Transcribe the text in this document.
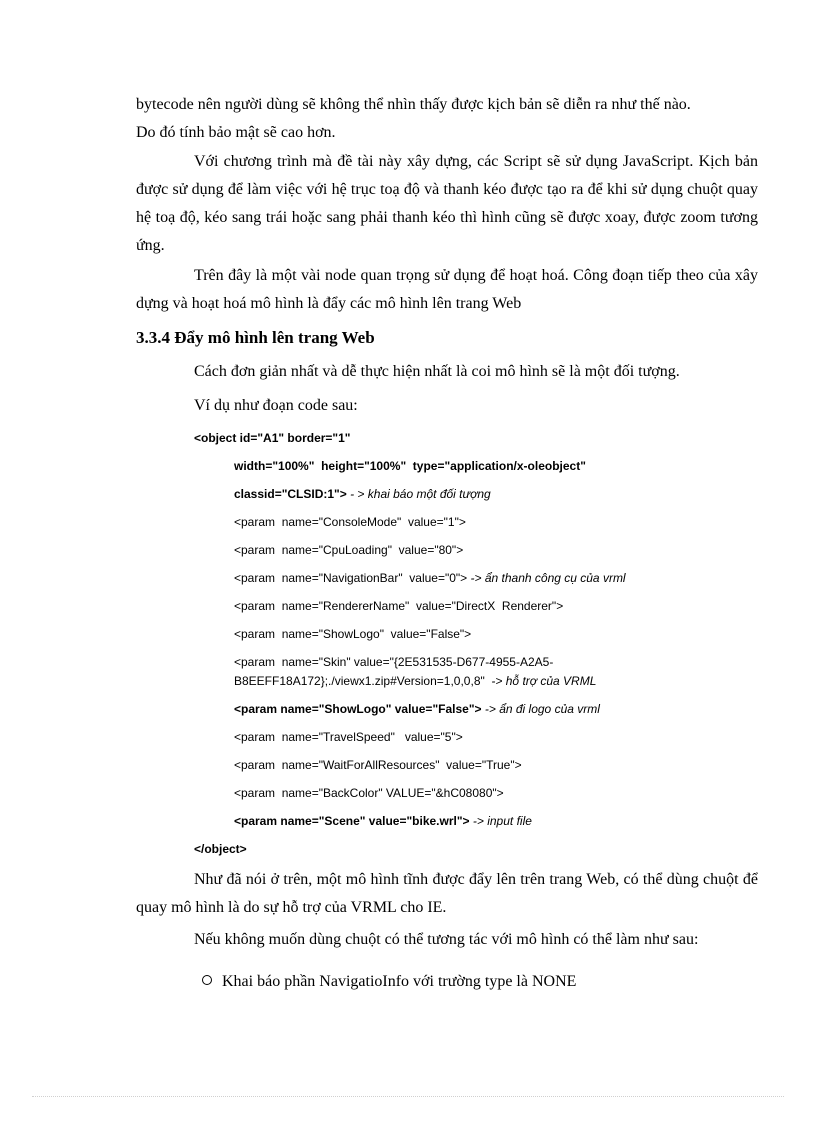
bytecode nên người dùng sẽ không thể nhìn thấy được kịch bản sẽ diễn ra như thế nào.
Do đó tính bảo mật sẽ cao hơn.
Với chương trình mà đề tài này xây dựng, các Script sẽ sử dụng JavaScript. Kịch bản được sử dụng để làm việc với hệ trục toạ độ và thanh kéo được tạo ra để khi sử dụng chuột quay hệ toạ độ, kéo sang trái hoặc sang phải thanh kéo thì hình cũng sẽ được xoay, được zoom tương ứng.
Trên đây là một vài node quan trọng sử dụng để hoạt hoá. Công đoạn tiếp theo của xây dựng và hoạt hoá mô hình là đẩy các mô hình lên trang Web
3.3.4 Đẩy mô hình lên trang Web
Cách đơn giản nhất và dễ thực hiện nhất là coi mô hình sẽ là một đối tượng.
Ví dụ như đoạn code sau:
<object id="A1" border="1"
width="100%"  height="100%"  type="application/x-oleobject"
classid="CLSID:1"> - > khai báo một đối tượng
<param  name="ConsoleMode"  value="1">
<param  name="CpuLoading"  value="80">
<param  name="NavigationBar"  value="0"> -> ẩn thanh công cụ của vrml
<param  name="RendererName"  value="DirectX  Renderer">
<param  name="ShowLogo"  value="False">
<param  name="Skin" value="{2E531535-D677-4955-A2A5-
B8EEFF18A172};./viewx1.zip#Version=1,0,0,8"  -> hỗ trợ của VRML
<param name="ShowLogo" value="False"> -> ẩn đi logo của vrml
<param  name="TravelSpeed"   value="5">
<param  name="WaitForAllResources"  value="True">
<param  name="BackColor" VALUE="&hC08080">
<param name="Scene" value="bike.wrl"> -> input file
</object>
Như đã nói ở trên, một mô hình tĩnh được đẩy lên trên trang Web, có thể dùng chuột để quay mô hình là do sự hỗ trợ của VRML cho IE.
Nếu không muốn dùng chuột có thể tương tác với mô hình có thể làm như sau:
Khai báo phần NavigatioInfo với trường type là NONE
